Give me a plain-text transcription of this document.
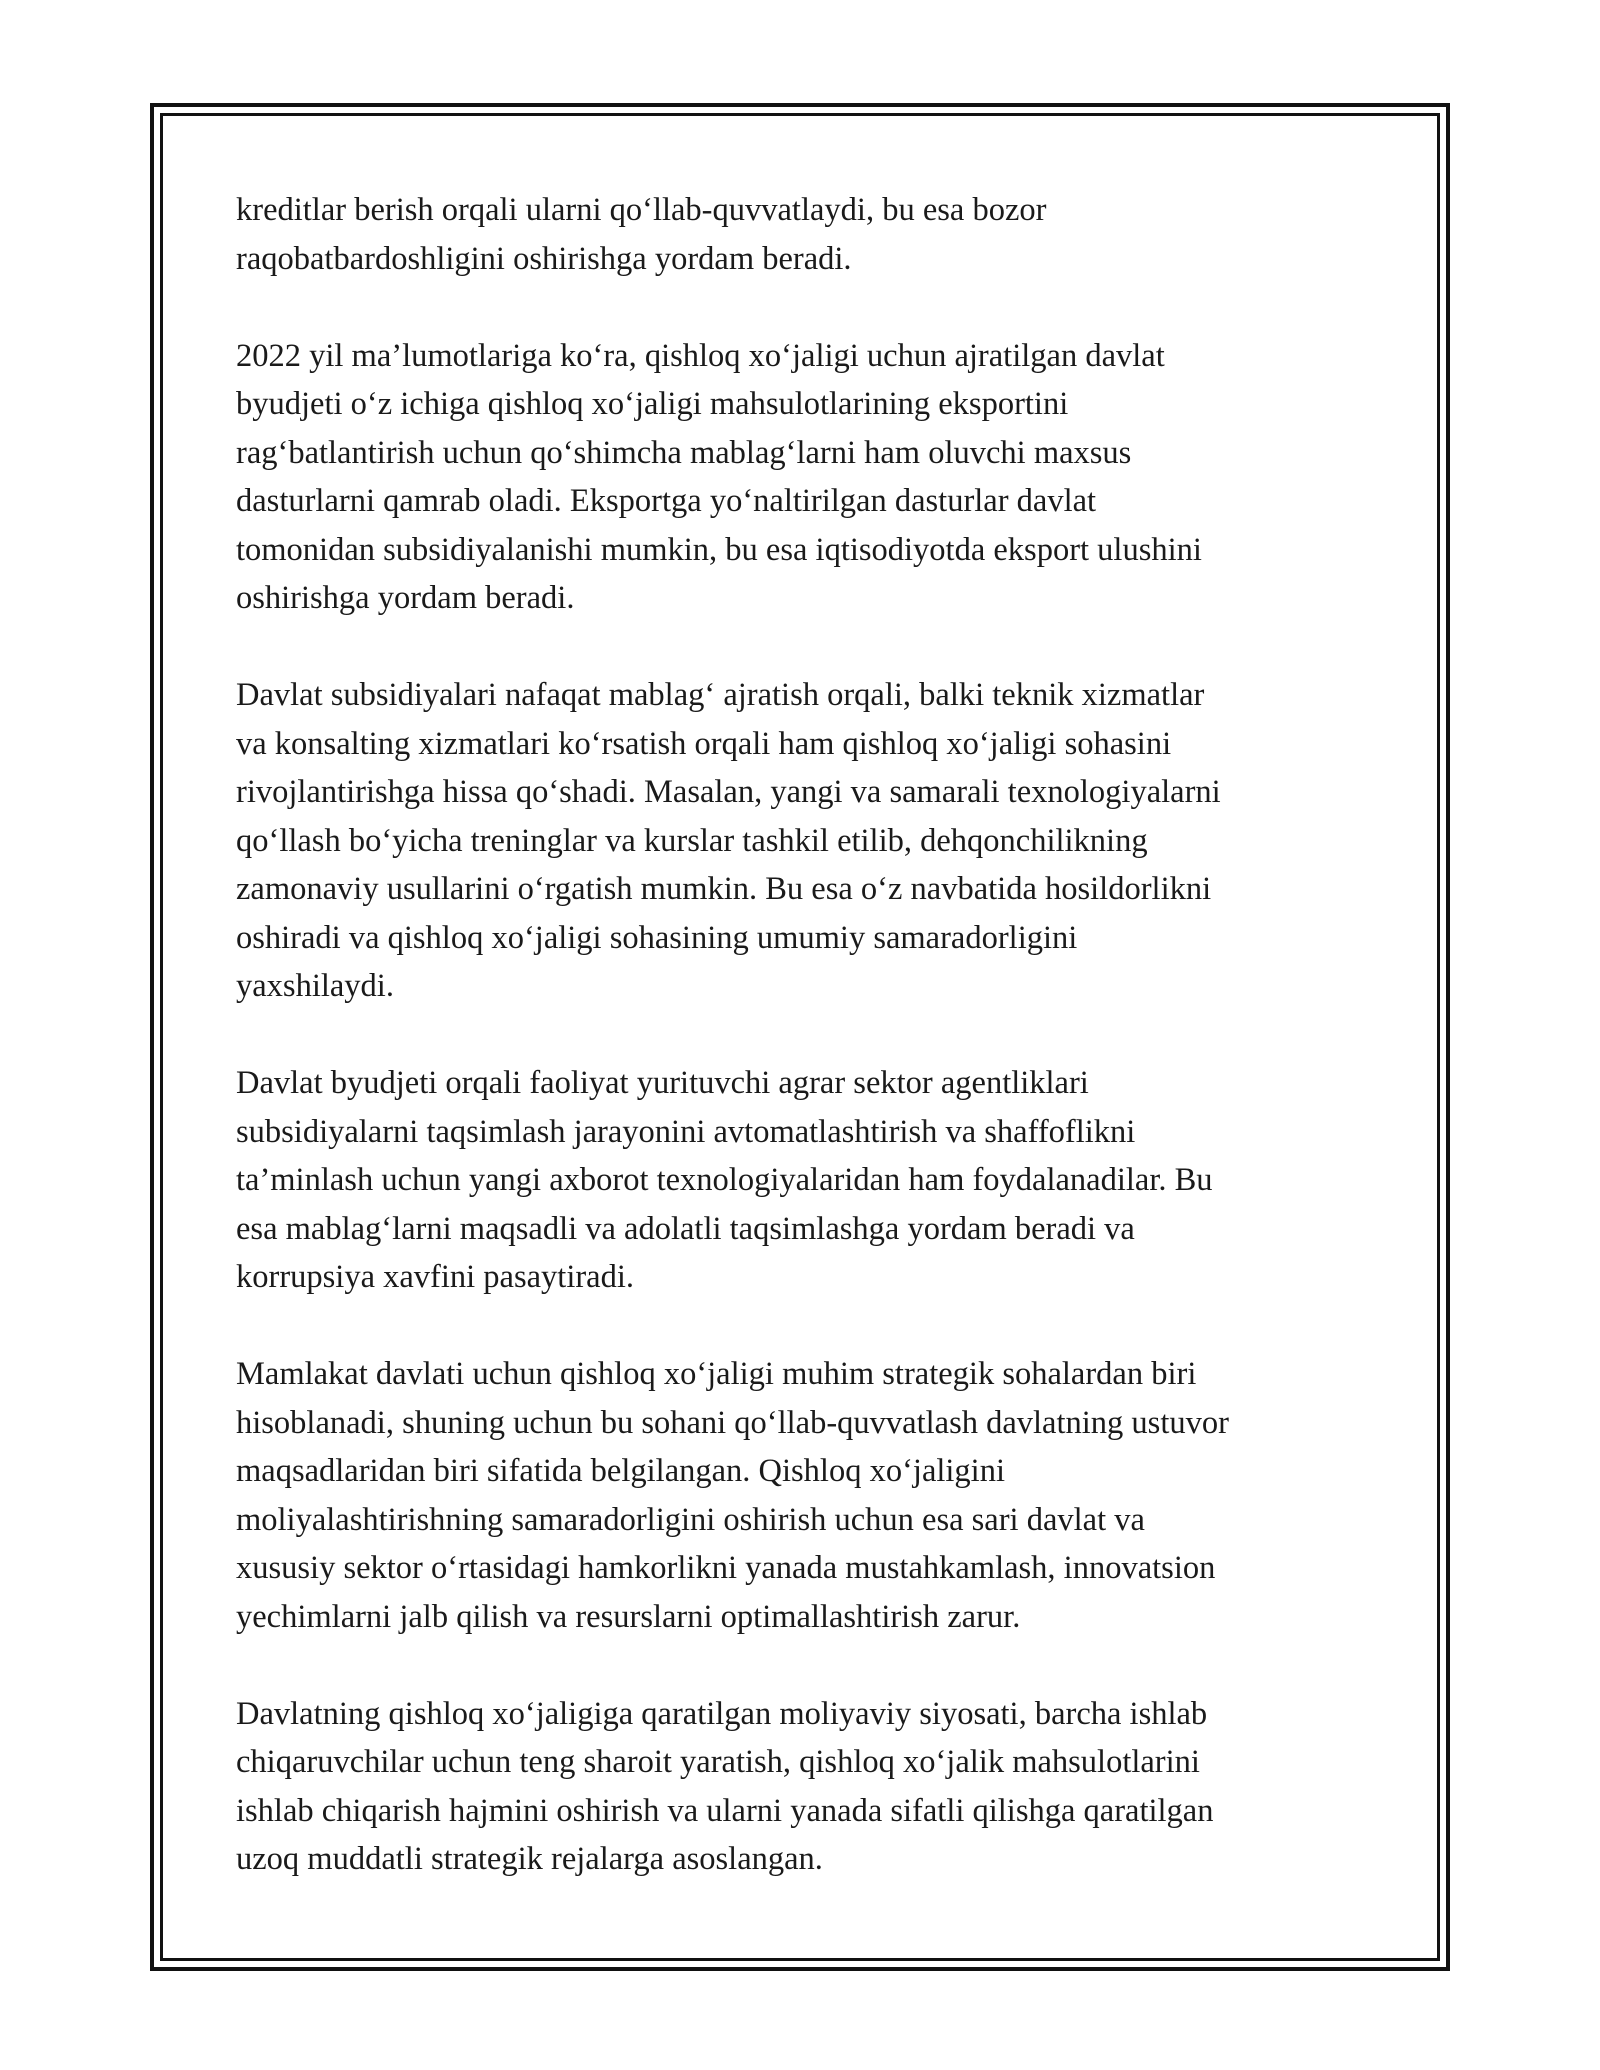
kreditlar berish orqali ularni qo‘llab-quvvatlaydi, bu esa bozor
raqobatbardoshligini oshirishga yordam beradi.

2022 yil ma’lumotlariga ko‘ra, qishloq xo‘jaligi uchun ajratilgan davlat
byudjeti o‘z ichiga qishloq xo‘jaligi mahsulotlarining eksportini
rag‘batlantirish uchun qo‘shimcha mablag‘larni ham oluvchi maxsus
dasturlarni qamrab oladi. Eksportga yo‘naltirilgan dasturlar davlat
tomonidan subsidiyalanishi mumkin, bu esa iqtisodiyotda eksport ulushini
oshirishga yordam beradi.

Davlat subsidiyalari nafaqat mablag‘ ajratish orqali, balki teknik xizmatlar
va konsalting xizmatlari ko‘rsatish orqali ham qishloq xo‘jaligi sohasini
rivojlantirishga hissa qo‘shadi. Masalan, yangi va samarali texnologiyalarni
qo‘llash bo‘yicha treninglar va kurslar tashkil etilib, dehqonchilikning
zamonaviy usullarini o‘rgatish mumkin. Bu esa o‘z navbatida hosildorlikni
oshiradi va qishloq xo‘jaligi sohasining umumiy samaradorligini
yaxshilaydi.

Davlat byudjeti orqali faoliyat yurituvchi agrar sektor agentliklari
subsidiyalarni taqsimlash jarayonini avtomatlashtirish va shaffoflikni
ta’minlash uchun yangi axborot texnologiyalaridan ham foydalanadilar. Bu
esa mablag‘larni maqsadli va adolatli taqsimlashga yordam beradi va
korrupsiya xavfini pasaytiradi.

Mamlakat davlati uchun qishloq xo‘jaligi muhim strategik sohalardan biri
hisoblanadi, shuning uchun bu sohani qo‘llab-quvvatlash davlatning ustuvor
maqsadlaridan biri sifatida belgilangan. Qishloq xo‘jaligini
moliyalashtirishning samaradorligini oshirish uchun esa sari davlat va
xususiy sektor o‘rtasidagi hamkorlikni yanada mustahkamlash, innovatsion
yechimlarni jalb qilish va resurslarni optimallashtirish zarur.

Davlatning qishloq xo‘jaligiga qaratilgan moliyaviy siyosati, barcha ishlab
chiqaruvchilar uchun teng sharoit yaratish, qishloq xo‘jalik mahsulotlarini
ishlab chiqarish hajmini oshirish va ularni yanada sifatli qilishga qaratilgan
uzoq muddatli strategik rejalarga asoslangan.
